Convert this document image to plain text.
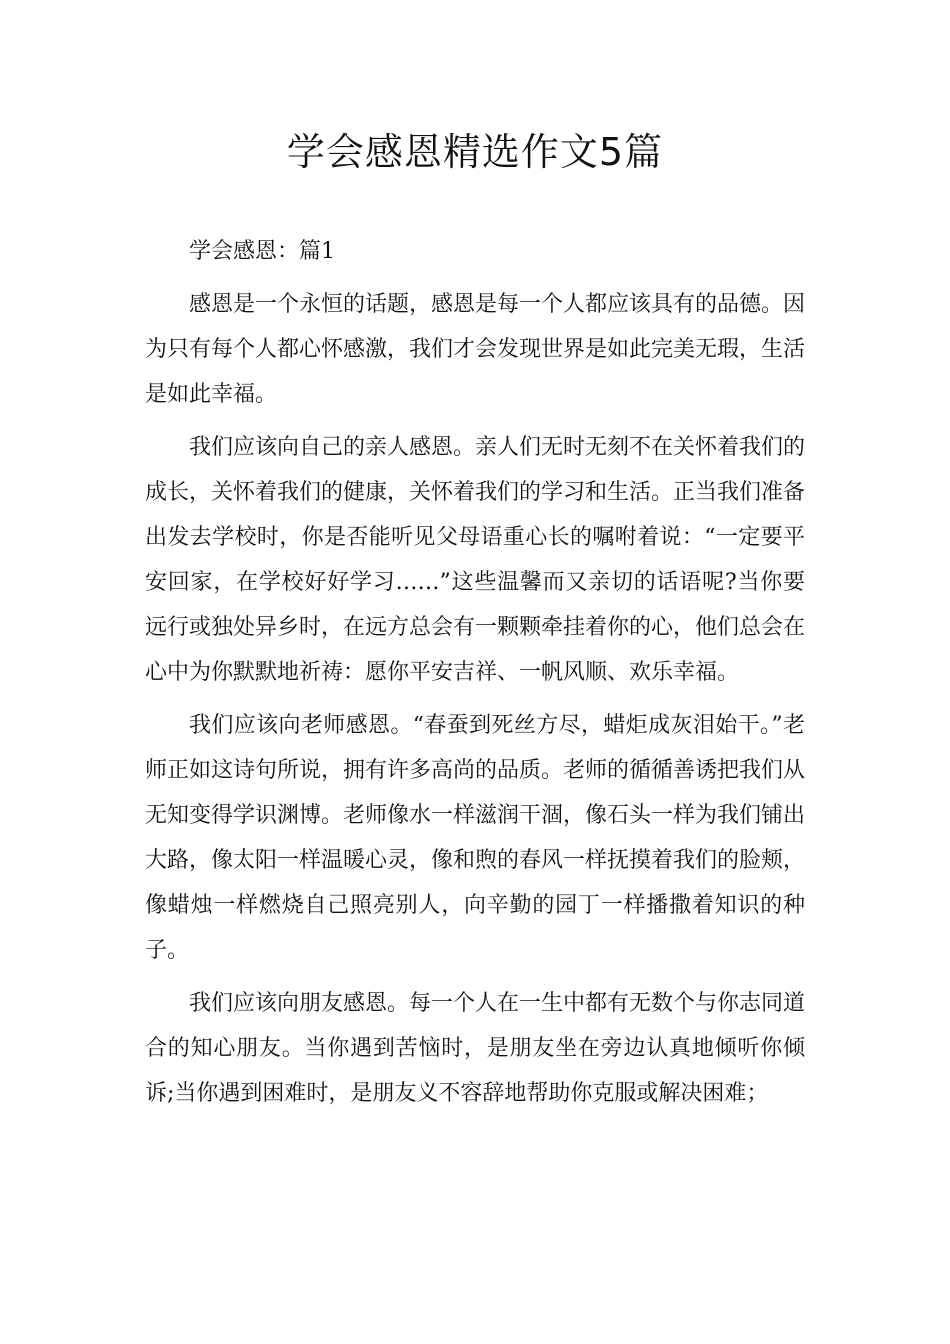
学会感恩精选作文5篇

学会感恩：篇1

感恩是一个永恒的话题，感恩是每一个人都应该具有的品德。因为只有每个人都心怀感激，我们才会发现世界是如此完美无瑕，生活是如此幸福。

我们应该向自己的亲人感恩。亲人们无时无刻不在关怀着我们的成长，关怀着我们的健康，关怀着我们的学习和生活。正当我们准备出发去学校时，你是否能听见父母语重心长的嘱咐着说：“一定要平安回家，在学校好好学习……”这些温馨而又亲切的话语呢?当你要远行或独处异乡时，在远方总会有一颗颗牵挂着你的心，他们总会在心中为你默默地祈祷：愿你平安吉祥、一帆风顺、欢乐幸福。

我们应该向老师感恩。“春蚕到死丝方尽，蜡炬成灰泪始干。”老师正如这诗句所说，拥有许多高尚的品质。老师的循循善诱把我们从无知变得学识渊博。老师像水一样滋润干涸，像石头一样为我们铺出大路，像太阳一样温暖心灵，像和煦的春风一样抚摸着我们的脸颊，像蜡烛一样燃烧自己照亮别人，向辛勤的园丁一样播撒着知识的种子。

我们应该向朋友感恩。每一个人在一生中都有无数个与你志同道合的知心朋友。当你遇到苦恼时，是朋友坐在旁边认真地倾听你倾诉;当你遇到困难时，是朋友义不容辞地帮助你克服或解决困难；
